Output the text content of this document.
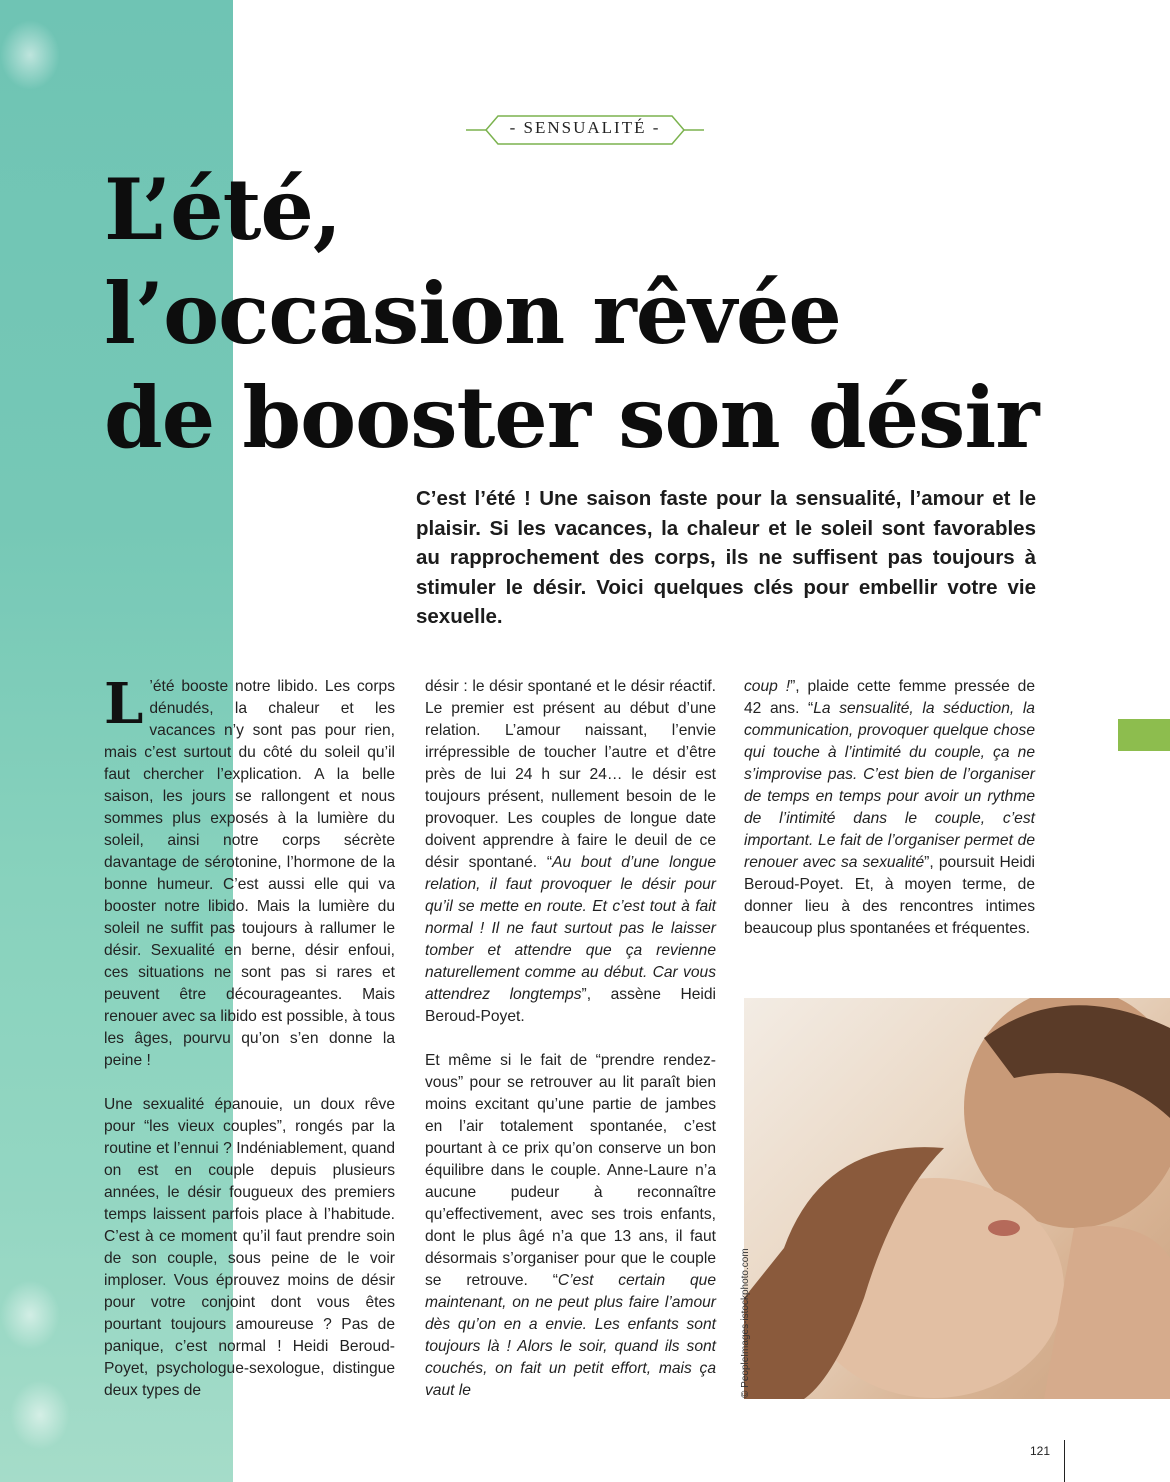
- SENSUALITÉ -
L’été,
l’occasion rêvée
de booster son désir

C’est l’été ! Une saison faste pour la sensualité, l’amour et le plaisir. Si les vacances, la chaleur et le soleil sont favorables au rapprochement des corps, ils ne suffisent pas toujours à stimuler le désir. Voici quelques clés pour embellir votre vie sexuelle.

L ’été booste notre libido. Les corps dénudés, la chaleur et les vacances n’y sont pas pour rien, mais c’est surtout du côté du soleil qu’il faut chercher l’explication. A la belle saison, les jours se rallongent et nous sommes plus exposés à la lumière du soleil, ainsi notre corps sécrète davantage de sérotonine, l’hormone de la bonne humeur. C’est aussi elle qui va booster notre libido. Mais la lumière du soleil ne suffit pas toujours à rallumer le désir. Sexualité en berne, désir enfoui, ces situations ne sont pas si rares et peuvent être décourageantes. Mais renouer avec sa libido est possible, à tous les âges, pourvu qu’on s’en donne la peine !

Une sexualité épanouie, un doux rêve pour “les vieux couples”, rongés par la routine et l’ennui ? Indéniablement, quand on est en couple depuis plusieurs années, le désir fougueux des premiers temps laissent parfois place à l’habitude. C’est à ce moment qu’il faut prendre soin de son couple, sous peine de le voir imploser. Vous éprouvez moins de désir pour votre conjoint dont vous êtes pourtant toujours amoureuse ? Pas de panique, c’est normal ! Heidi Beroud-Poyet, psychologue-sexologue, distingue deux types de

désir : le désir spontané et le désir réactif. Le premier est présent au début d’une relation. L’amour naissant, l’envie irrépressible de toucher l’autre et d’être près de lui 24 h sur 24… le désir est toujours présent, nullement besoin de le provoquer. Les couples de longue date doivent apprendre à faire le deuil de ce désir spontané. “Au bout d’une longue relation, il faut provoquer le désir pour qu’il se mette en route. Et c’est tout à fait normal ! Il ne faut surtout pas le laisser tomber et attendre que ça revienne naturellement comme au début. Car vous attendrez longtemps”, assène Heidi Beroud-Poyet.

Et même si le fait de “prendre rendez-vous” pour se retrouver au lit paraît bien moins excitant qu’une partie de jambes en l’air totalement spontanée, c’est pourtant à ce prix qu’on conserve un bon équilibre dans le couple. Anne-Laure n’a aucune pudeur à reconnaître qu’effectivement, avec ses trois enfants, dont le plus âgé n’a que 13 ans, il faut désormais s’organiser pour que le couple se retrouve. “C’est certain que maintenant, on ne peut plus faire l’amour dès qu’on en a envie. Les enfants sont toujours là ! Alors le soir, quand ils sont couchés, on fait un petit effort, mais ça vaut le

coup !”, plaide cette femme pressée de 42 ans. “La sensualité, la séduction, la communication, provoquer quelque chose qui touche à l’intimité du couple, ça ne s’improvise pas. C’est bien de l’organiser de temps en temps pour avoir un rythme de l’intimité dans le couple, c’est important. Le fait de l’organiser permet de renouer avec sa sexualité”, poursuit Heidi Beroud-Poyet. Et, à moyen terme, de donner lieu à des rencontres intimes beaucoup plus spontanées et fréquentes.

© PeopleImages-istockphoto.com
121
